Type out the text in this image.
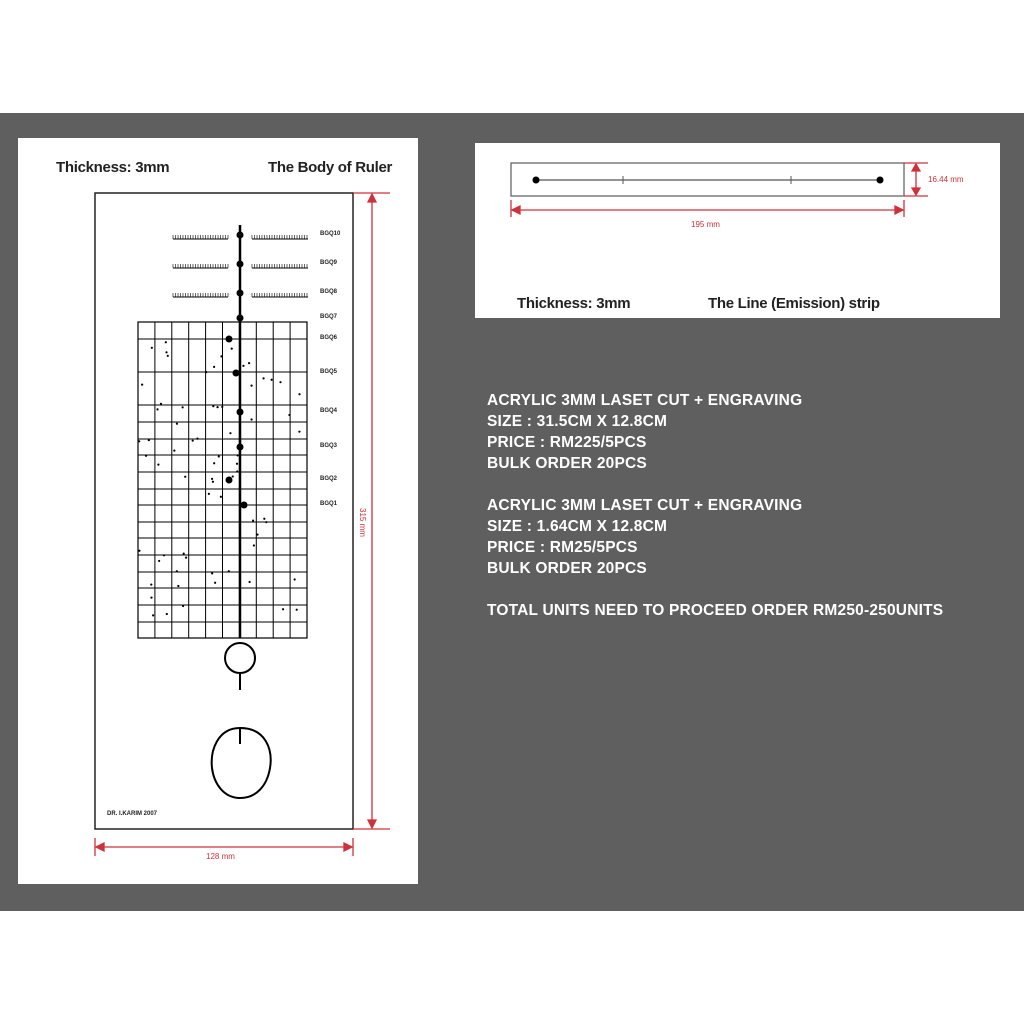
Thickness: 3mm	The Body of Ruler
BGQ10
BGQ9
BGQ8
BGQ7
BGQ6
BGQ5
BGQ4
BGQ3
BGQ2
BGQ1
315 mm
128 mm
DR. I.KARIM 2007
16.44 mm
195 mm
Thickness: 3mm	The Line (Emission) strip
ACRYLIC 3MM LASET CUT + ENGRAVING
SIZE : 31.5CM X 12.8CM
PRICE : RM225/5PCS
BULK ORDER 20PCS
ACRYLIC 3MM LASET CUT + ENGRAVING
SIZE : 1.64CM X 12.8CM
PRICE : RM25/5PCS
BULK ORDER 20PCS
TOTAL UNITS NEED TO PROCEED ORDER RM250-250UNITS
